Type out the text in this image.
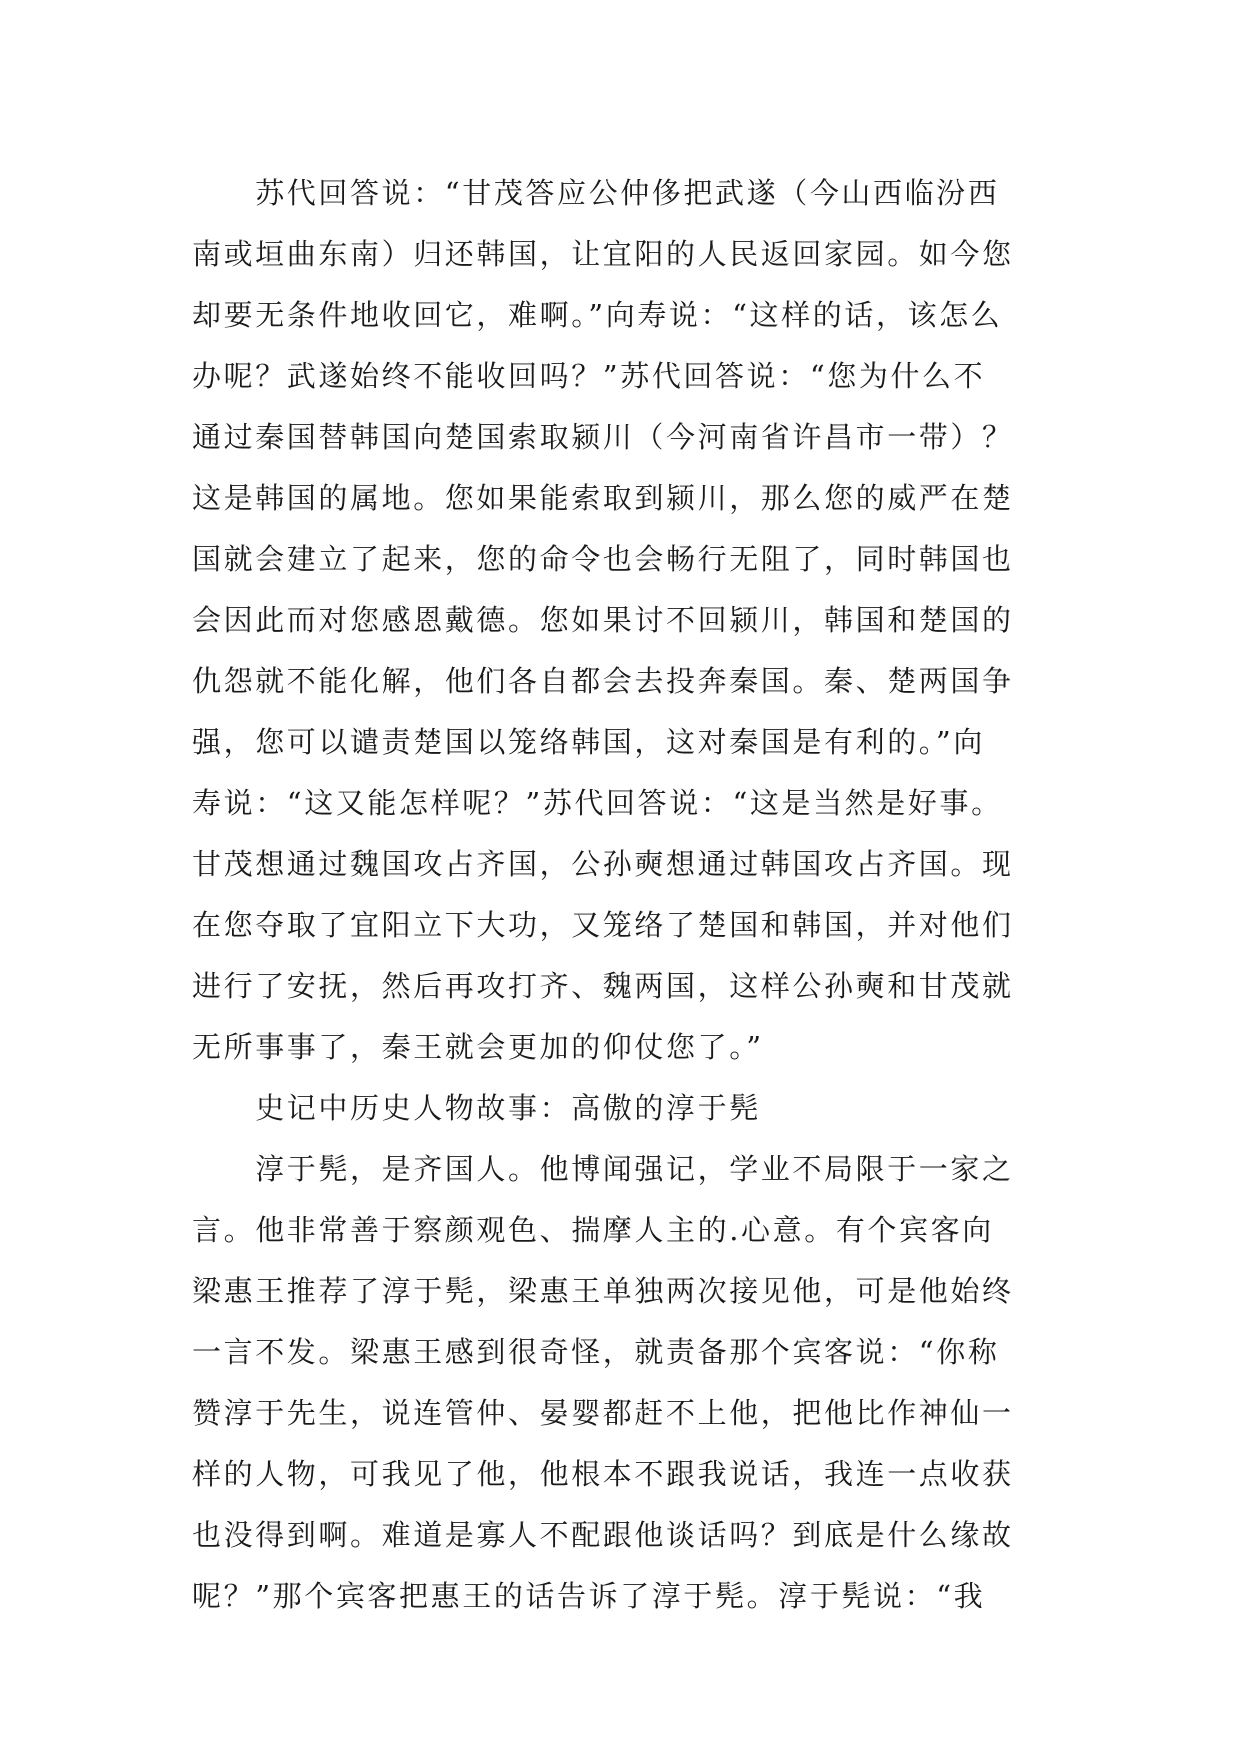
　　苏代回答说：“甘茂答应公仲侈把武遂（今山西临汾西
南或垣曲东南）归还韩国，让宜阳的人民返回家园。如今您
却要无条件地收回它，难啊。”向寿说：“这样的话，该怎么
办呢？武遂始终不能收回吗？”苏代回答说：“您为什么不
通过秦国替韩国向楚国索取颍川（今河南省许昌市一带）？
这是韩国的属地。您如果能索取到颍川，那么您的威严在楚
国就会建立了起来，您的命令也会畅行无阻了，同时韩国也
会因此而对您感恩戴德。您如果讨不回颍川，韩国和楚国的
仇怨就不能化解，他们各自都会去投奔秦国。秦、楚两国争
强，您可以谴责楚国以笼络韩国，这对秦国是有利的。”向
寿说：“这又能怎样呢？”苏代回答说：“这是当然是好事。
甘茂想通过魏国攻占齐国，公孙奭想通过韩国攻占齐国。现
在您夺取了宜阳立下大功，又笼络了楚国和韩国，并对他们
进行了安抚，然后再攻打齐、魏两国，这样公孙奭和甘茂就
无所事事了，秦王就会更加的仰仗您了。”
　　史记中历史人物故事：高傲的淳于髡
　　淳于髡，是齐国人。他博闻强记，学业不局限于一家之
言。他非常善于察颜观色、揣摩人主的.心意。有个宾客向
梁惠王推荐了淳于髡，梁惠王单独两次接见他，可是他始终
一言不发。梁惠王感到很奇怪，就责备那个宾客说：“你称
赞淳于先生，说连管仲、晏婴都赶不上他，把他比作神仙一
样的人物，可我见了他，他根本不跟我说话，我连一点收获
也没得到啊。难道是寡人不配跟他谈话吗？到底是什么缘故
呢？”那个宾客把惠王的话告诉了淳于髡。淳于髡说：“我
